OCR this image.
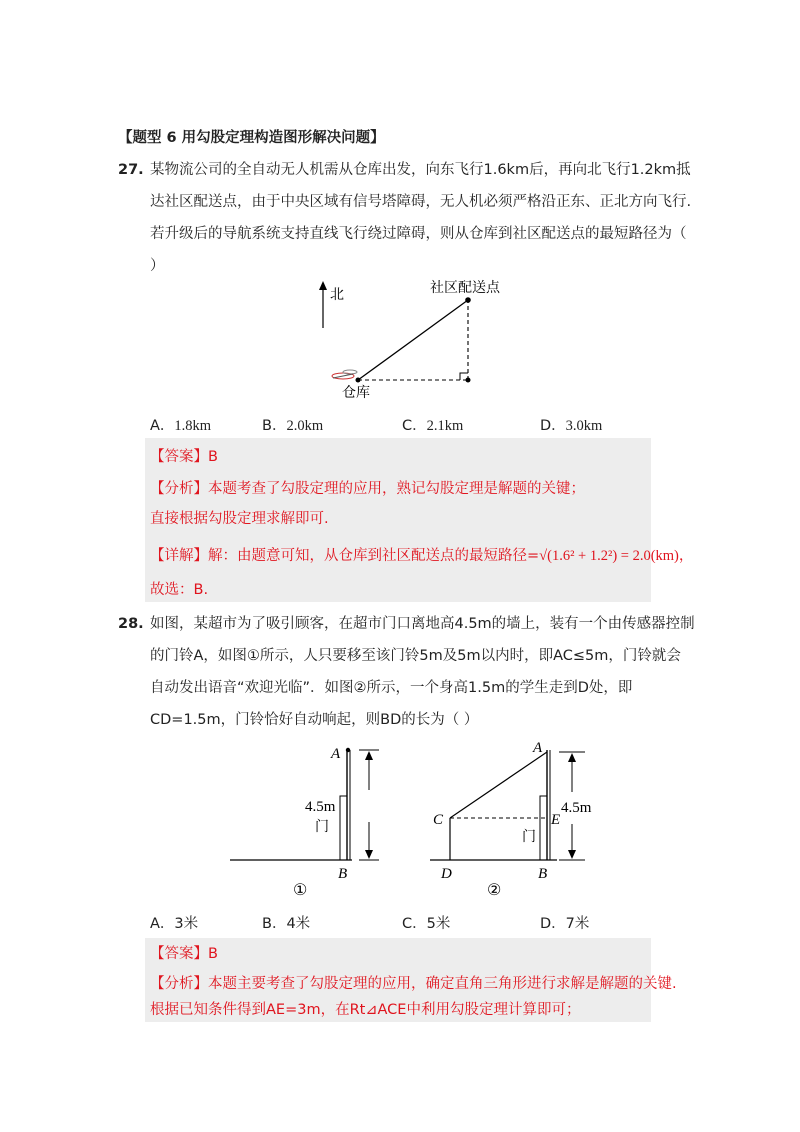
【题型 6 用勾股定理构造图形解决问题】
27. 某物流公司的全自动无人机需从仓库出发，向东飞行1.6km后，再向北飞行1.2km抵
达社区配送点，由于中央区域有信号塔障碍，无人机必须严格沿正东、正北方向飞行.
若升级后的导航系统支持直线飞行绕过障碍，则从仓库到社区配送点的最短路径为（
）
北	社区配送点
仓库
A．1.8km	B．2.0km	C．2.1km	D．3.0km
【答案】B
【分析】本题考查了勾股定理的应用，熟记勾股定理是解题的关键；
直接根据勾股定理求解即可.
【详解】解：由题意可知，从仓库到社区配送点的最短路径=√(1.6² + 1.2²) = 2.0(km)，
故选：B.
28. 如图，某超市为了吸引顾客，在超市门口离地高4.5m的墙上，装有一个由传感器控制
的门铃A，如图①所示，人只要移至该门铃5m及5m以内时，即AC≤5m，门铃就会
自动发出语音“欢迎光临”．如图②所示，一个身高1.5m的学生走到D处，即
CD=1.5m，门铃恰好自动响起，则BD的长为（ ）
A
门
B
4.5m
①
A
C	E
门
D	B
4.5m
②
A．3米	B．4米	C．5米	D．7米
【答案】B
【分析】本题主要考查了勾股定理的应用，确定直角三角形进行求解是解题的关键.
根据已知条件得到AE=3m，在Rt⊿ACE中利用勾股定理计算即可；
